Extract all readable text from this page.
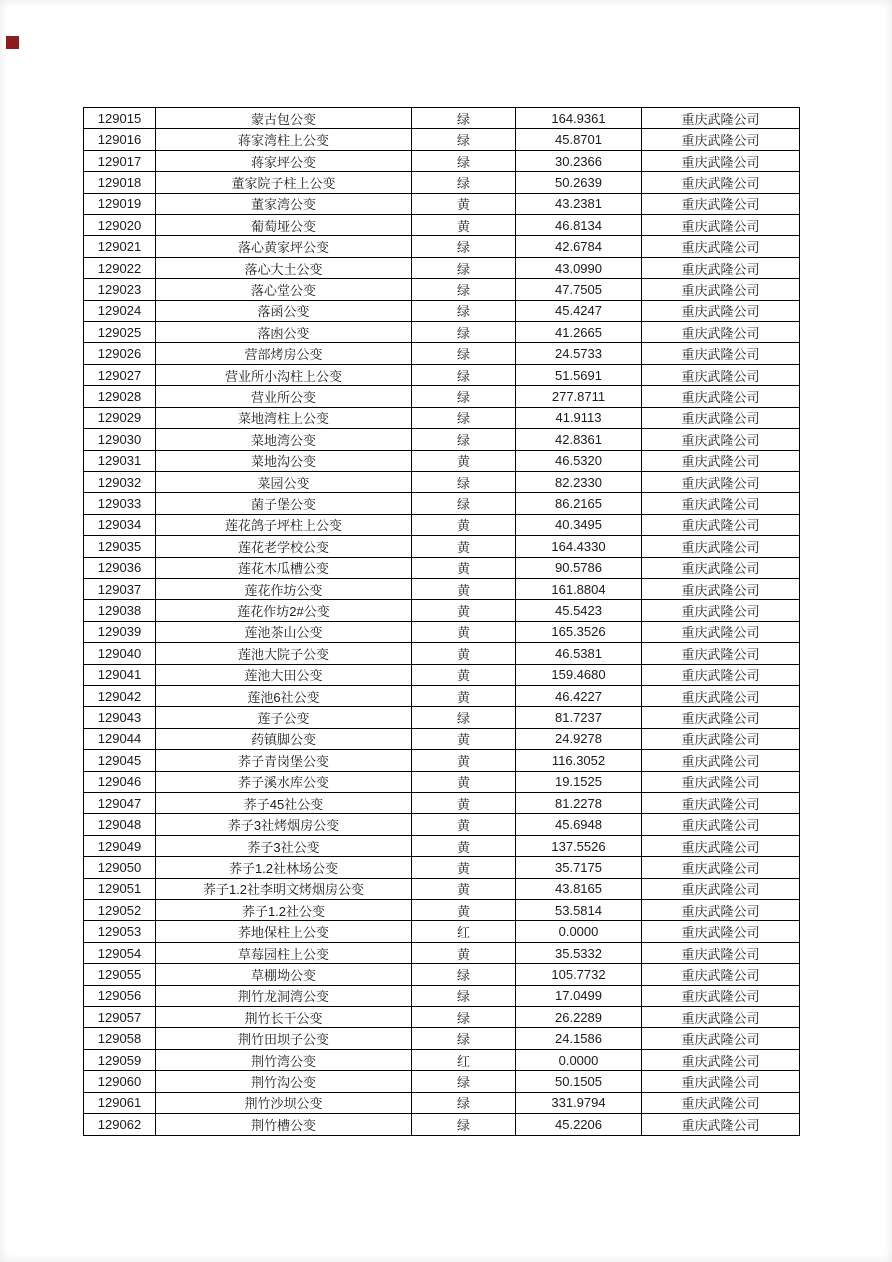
129015	蒙古包公变	绿	164.9361	重庆武隆公司
129016	蒋家湾柱上公变	绿	45.8701	重庆武隆公司
129017	蒋家坪公变	绿	30.2366	重庆武隆公司
129018	董家院子柱上公变	绿	50.2639	重庆武隆公司
129019	董家湾公变	黄	43.2381	重庆武隆公司
129020	葡萄垭公变	黄	46.8134	重庆武隆公司
129021	落心黄家坪公变	绿	42.6784	重庆武隆公司
129022	落心大土公变	绿	43.0990	重庆武隆公司
129023	落心堂公变	绿	47.7505	重庆武隆公司
129024	落函公变	绿	45.4247	重庆武隆公司
129025	落凼公变	绿	41.2665	重庆武隆公司
129026	营部烤房公变	绿	24.5733	重庆武隆公司
129027	营业所小沟柱上公变	绿	51.5691	重庆武隆公司
129028	营业所公变	绿	277.8711	重庆武隆公司
129029	菜地湾柱上公变	绿	41.9113	重庆武隆公司
129030	菜地湾公变	绿	42.8361	重庆武隆公司
129031	菜地沟公变	黄	46.5320	重庆武隆公司
129032	菜园公变	绿	82.2330	重庆武隆公司
129033	菌子堡公变	绿	86.2165	重庆武隆公司
129034	莲花鸽子坪柱上公变	黄	40.3495	重庆武隆公司
129035	莲花老学校公变	黄	164.4330	重庆武隆公司
129036	莲花木瓜槽公变	黄	90.5786	重庆武隆公司
129037	莲花作坊公变	黄	161.8804	重庆武隆公司
129038	莲花作坊2#公变	黄	45.5423	重庆武隆公司
129039	莲池茶山公变	黄	165.3526	重庆武隆公司
129040	莲池大院子公变	黄	46.5381	重庆武隆公司
129041	莲池大田公变	黄	159.4680	重庆武隆公司
129042	莲池6社公变	黄	46.4227	重庆武隆公司
129043	莲子公变	绿	81.7237	重庆武隆公司
129044	药镇脚公变	黄	24.9278	重庆武隆公司
129045	荞子青岗堡公变	黄	116.3052	重庆武隆公司
129046	荞子溪水库公变	黄	19.1525	重庆武隆公司
129047	荞子45社公变	黄	81.2278	重庆武隆公司
129048	荞子3社烤烟房公变	黄	45.6948	重庆武隆公司
129049	荞子3社公变	黄	137.5526	重庆武隆公司
129050	荞子1.2社林场公变	黄	35.7175	重庆武隆公司
129051	荞子1.2社李明文烤烟房公变	黄	43.8165	重庆武隆公司
129052	荞子1.2社公变	黄	53.5814	重庆武隆公司
129053	荞地保柱上公变	红	0.0000	重庆武隆公司
129054	草莓园柱上公变	黄	35.5332	重庆武隆公司
129055	草棚坳公变	绿	105.7732	重庆武隆公司
129056	荆竹龙洞湾公变	绿	17.0499	重庆武隆公司
129057	荆竹长干公变	绿	26.2289	重庆武隆公司
129058	荆竹田坝子公变	绿	24.1586	重庆武隆公司
129059	荆竹湾公变	红	0.0000	重庆武隆公司
129060	荆竹沟公变	绿	50.1505	重庆武隆公司
129061	荆竹沙坝公变	绿	331.9794	重庆武隆公司
129062	荆竹槽公变	绿	45.2206	重庆武隆公司
